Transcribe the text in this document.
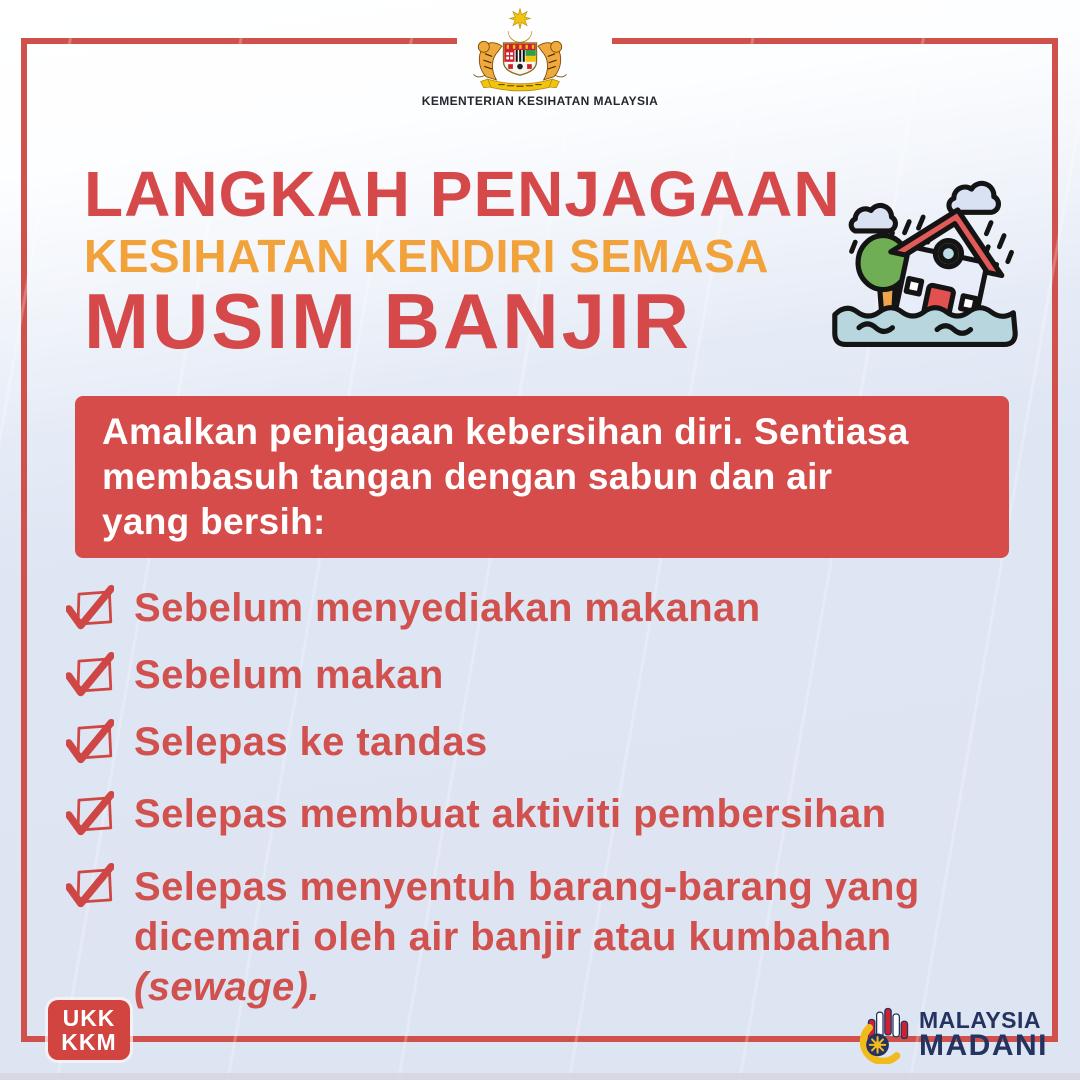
KEMENTERIAN KESIHATAN MALAYSIA
LANGKAH PENJAGAAN
KESIHATAN KENDIRI SEMASA
MUSIM BANJIR
Amalkan penjagaan kebersihan diri. Sentiasa
membasuh tangan dengan sabun dan air
yang bersih:
Sebelum menyediakan makanan
Sebelum makan
Selepas ke tandas
Selepas membuat aktiviti pembersihan
Selepas menyentuh barang-barang yang
dicemari oleh air banjir atau kumbahan
(sewage).
UKK
KKM
MALAYSIA
MADANI
